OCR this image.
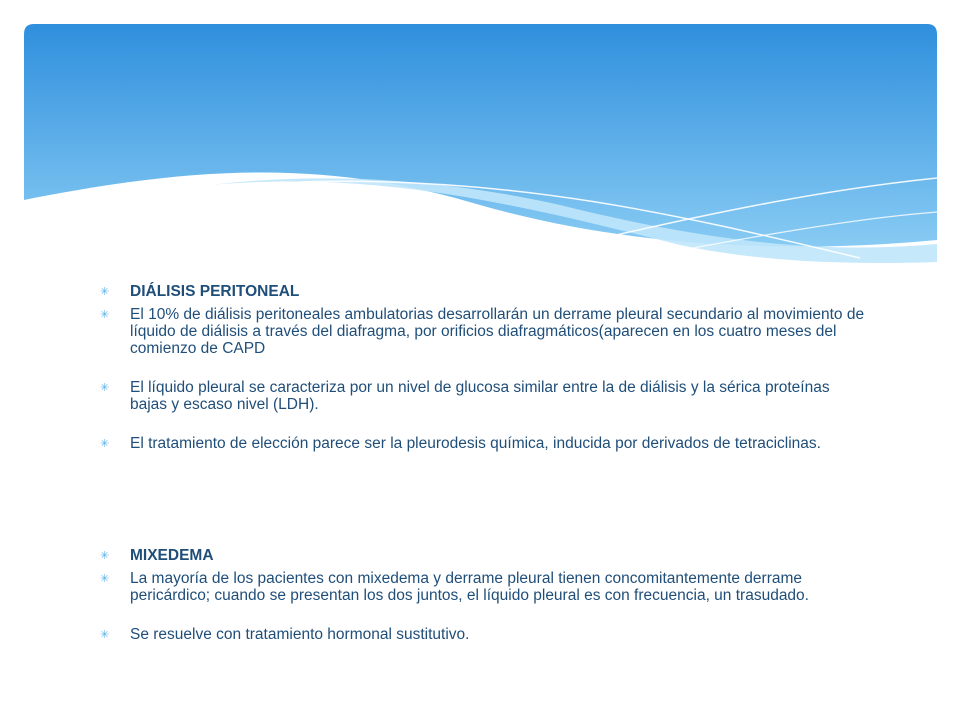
✳ DIÁLISIS PERITONEAL

✳ El 10% de diálisis peritoneales ambulatorias desarrollarán un derrame pleural secundario al movimiento de líquido de diálisis a través del diafragma, por orificios diafragmáticos(aparecen en los cuatro meses del comienzo de CAPD

✳ El líquido pleural se caracteriza por un nivel de glucosa similar entre la de diálisis y la sérica proteínas bajas y escaso nivel (LDH).

✳ El tratamiento de elección parece ser la pleurodesis química, inducida por derivados de tetraciclinas.

✳ MIXEDEMA

✳ La mayoría de los pacientes con mixedema y derrame pleural tienen concomitantemente derrame pericárdico; cuando se presentan los dos juntos, el líquido pleural es con frecuencia, un trasudado.

✳ Se resuelve con tratamiento hormonal sustitutivo.
